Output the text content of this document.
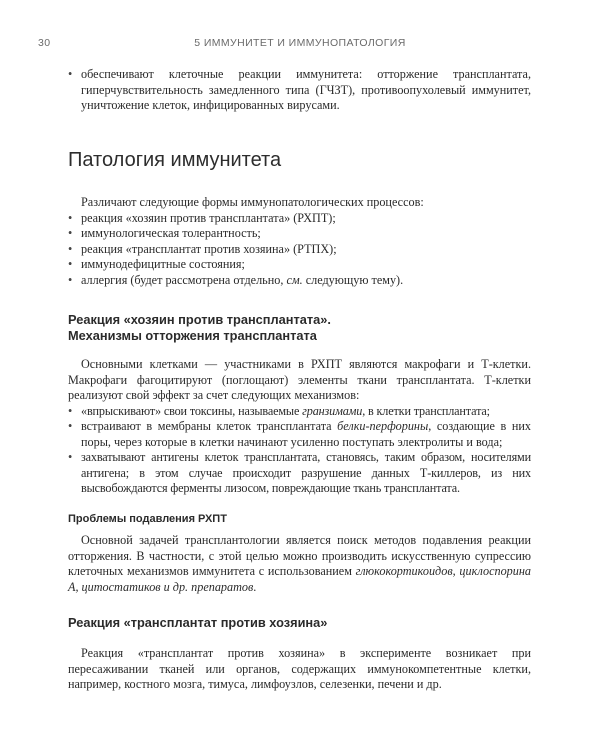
30	5 ИММУНИТЕТ И ИММУНОПАТОЛОГИЯ
• обеспечивают клеточные реакции иммунитета: отторжение трансплантата, гиперчувствительность замедленного типа (ГЧЗТ), противоопухолевый иммунитет, уничтожение клеток, инфицированных вирусами.
Патология иммунитета

Различают следующие формы иммунопатологических процессов:

• реакция «хозяин против трансплантата» (РХПТ);
• иммунологическая толерантность;
• реакция «трансплантат против хозяина» (РТПХ);
• иммунодефицитные состояния;
• аллергия (будет рассмотрена отдельно, см. следующую тему).
Реакция «хозяин против трансплантата».
Механизмы отторжения трансплантата

Основными клетками — участниками в РХПТ являются макрофаги и Т-клетки. Макрофаги фагоцитируют (поглощают) элементы ткани трансплантата. Т-клетки реализуют свой эффект за счет следующих механизмов:

• «впрыскивают» свои токсины, называемые гранзимами, в клетки трансплантата;
• встраивают в мембраны клеток трансплантата белки-перфорины, создающие в них поры, через которые в клетки начинают усиленно поступать электролиты и вода;
• захватывают антигены клеток трансплантата, становясь, таким образом, носителями антигена; в этом случае происходит разрушение данных Т-киллеров, из них высвобождаются ферменты лизосом, повреждающие ткань трансплантата.
Проблемы подавления РХПТ

Основной задачей трансплантологии является поиск методов подавления реакции отторжения. В частности, с этой целью можно производить искусственную супрессию клеточных механизмов иммунитета с использованием глюкокортикоидов, циклоспорина А, цитостатиков и др. препаратов.

Реакция «трансплантат против хозяина»

Реакция «трансплантат против хозяина» в эксперименте возникает при пересаживании тканей или органов, содержащих иммунокомпетентные клетки, например, костного мозга, тимуса, лимфоузлов, селезенки, печени и др.
